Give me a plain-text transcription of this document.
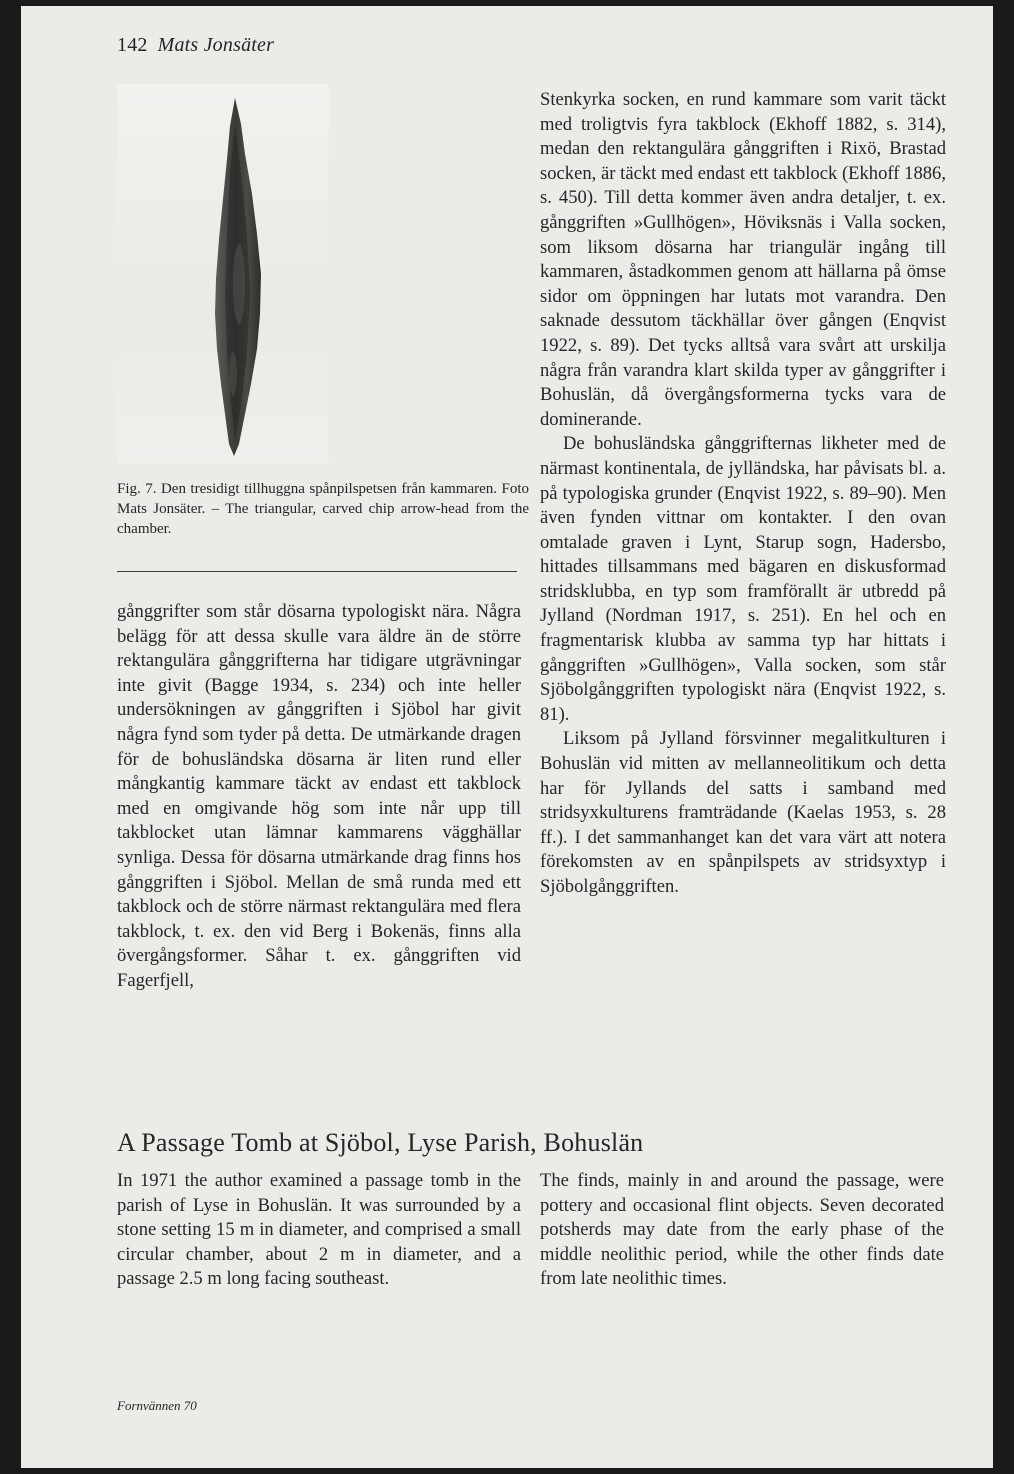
142 Mats Jonsäter
Fig. 7. Den tresidigt tillhuggna spånpilspetsen från kammaren. Foto Mats Jonsäter. – The triangular, carved chip arrow-head from the chamber.

gånggrifter som står dösarna typologiskt nära. Några belägg för att dessa skulle vara äldre än de större rektangulära gånggrifterna har tidigare utgrävningar inte givit (Bagge 1934, s. 234) och inte heller undersökningen av gånggriften i Sjöbol har givit några fynd som tyder på detta. De utmärkande dragen för de bohusländska dösarna är liten rund eller mångkantig kammare täckt av endast ett takblock med en omgivande hög som inte når upp till takblocket utan lämnar kammarens vägghällar synliga. Dessa för dösarna utmärkande drag finns hos gånggriften i Sjöbol. Mellan de små runda med ett takblock och de större närmast rektangulära med flera takblock, t. ex. den vid Berg i Bokenäs, finns alla övergångsformer. Såhar t. ex. gånggriften vid Fagerfjell,

Stenkyrka socken, en rund kammare som varit täckt med troligtvis fyra takblock (Ekhoff 1882, s. 314), medan den rektangulära gånggriften i Rixö, Brastad socken, är täckt med endast ett takblock (Ekhoff 1886, s. 450). Till detta kommer även andra detaljer, t. ex. gånggriften »Gullhögen», Höviksnäs i Valla socken, som liksom dösarna har triangulär ingång till kammaren, åstadkommen genom att hällarna på ömse sidor om öppningen har lutats mot varandra. Den saknade dessutom täckhällar över gången (Enqvist 1922, s. 89). Det tycks alltså vara svårt att urskilja några från varandra klart skilda typer av gånggrifter i Bohuslän, då övergångsformerna tycks vara de dominerande.

De bohusländska gånggrifternas likheter med de närmast kontinentala, de jylländska, har påvisats bl. a. på typologiska grunder (Enqvist 1922, s. 89–90). Men även fynden vittnar om kontakter. I den ovan omtalade graven i Lynt, Starup sogn, Hadersbo, hittades tillsammans med bägaren en diskusformad stridsklubba, en typ som framförallt är utbredd på Jylland (Nordman 1917, s. 251). En hel och en fragmentarisk klubba av samma typ har hittats i gånggriften »Gullhögen», Valla socken, som står Sjöbolgånggriften typologiskt nära (Enqvist 1922, s. 81).

Liksom på Jylland försvinner megalitkulturen i Bohuslän vid mitten av mellanneolitikum och detta har för Jyllands del satts i samband med stridsyxkulturens framträdande (Kaelas 1953, s. 28 ff.). I det sammanhanget kan det vara värt att notera förekomsten av en spånpilspets av stridsyxtyp i Sjöbolgånggriften.

A Passage Tomb at Sjöbol, Lyse Parish, Bohuslän

In 1971 the author examined a passage tomb in the parish of Lyse in Bohuslän. It was surrounded by a stone setting 15 m in diameter, and comprised a small circular chamber, about 2 m in diameter, and a passage 2.5 m long facing southeast.

The finds, mainly in and around the passage, were pottery and occasional flint objects. Seven decorated potsherds may date from the early phase of the middle neolithic period, while the other finds date from late neolithic times.

Fornvännen 70
